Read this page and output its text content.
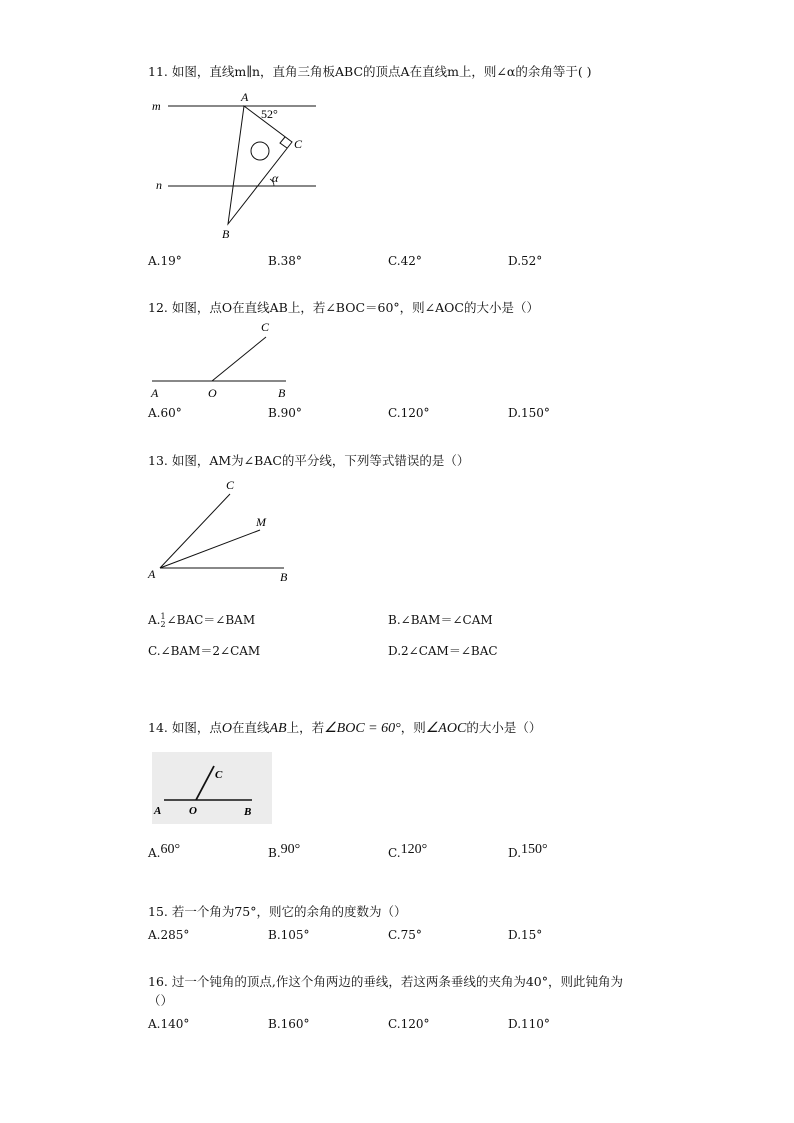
11. 如图，直线m∥n，直角三角板ABC的顶点A在直线m上，则∠α的余角等于( )
m
n
A
52°
C
α
B
A.19°	B.38°	C.42°	D.52°
12. 如图，点O在直线AB上，若∠BOC＝60°，则∠AOC的大小是（）
C
A	O	B
A.60°	B.90°	C.120°	D.150°
13. 如图，AM为∠BAC的平分线，下列等式错误的是（）
C
M
A	B
A. 1
2 ∠BAC＝∠BAM	B.∠BAM＝∠CAM
C.∠BAM＝2∠CAM	D.2∠CAM＝∠BAC
14. 如图，点O在直线AB上，若∠BOC = 60°，则∠AOC的大小是（）
C
A	O	B
A.60°	B.90°	C.120°	D.150°
15. 若一个角为75°，则它的余角的度数为（）
A.285°	B.105°	C.75°	D.15°
16. 过一个钝角的顶点,作这个角两边的垂线，若这两条垂线的夹角为40°，则此钝角为
（）
A.140°	B.160°	C.120°	D.110°
